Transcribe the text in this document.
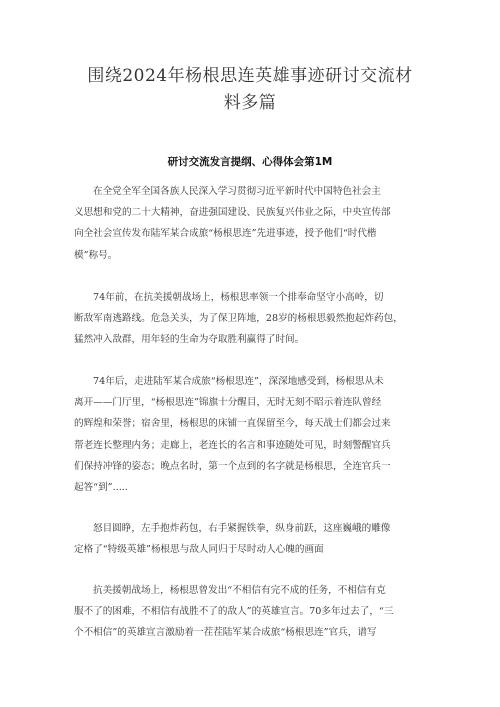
围绕2024年杨根思连英雄事迹研讨交流材
料多篇
研讨交流发言提纲、心得体会第1M
在全党全军全国各族人民深入学习贯彻习近平新时代中国特色社会主
义思想和党的二十大精神，奋进强国建设、民族复兴伟业之际，中央宣传部
向全社会宣传发布陆军某合成旅“杨根思连”先进事迹，授予他们“时代楷
模”称号。
74年前，在抗美援朝战场上，杨根思率领一个排奉命坚守小高岭，切
断敌军南逃路线。危急关头，为了保卫阵地，28岁的杨根思毅然抱起炸药包，
猛然冲入敌群，用年轻的生命为夺取胜利赢得了时间。
74年后，走进陆军某合成旅“杨根思连”，深深地感受到，杨根思从未
离开——门厅里，“杨根思连”锦旗十分醒目，无时无刻不昭示着连队曾经
的辉煌和荣誉；宿舍里，杨根思的床铺一直保留至今，每天战士们都会过来
帮老连长整理内务；走廊上，老连长的名言和事迹随处可见，时刻警醒官兵
们保持冲锋的姿态；晚点名时，第一个点到的名字就是杨根思，全连官兵一
起答“到”.....
怒目圆睁，左手抱炸药包，右手紧握铁拳，纵身前跃，这座巍峨的雕像
定格了“特级英雄”杨根思与敌人同归于尽时动人心魄的画面
抗美援朝战场上，杨根思曾发出“不相信有完不成的任务，不相信有克
服不了的困难，不相信有战胜不了的敌人”的英雄宣言。70多年过去了，“三
个不相信”的英雄宣言激励着一茬茬陆军某合成旅“杨根思连”官兵，谱写
